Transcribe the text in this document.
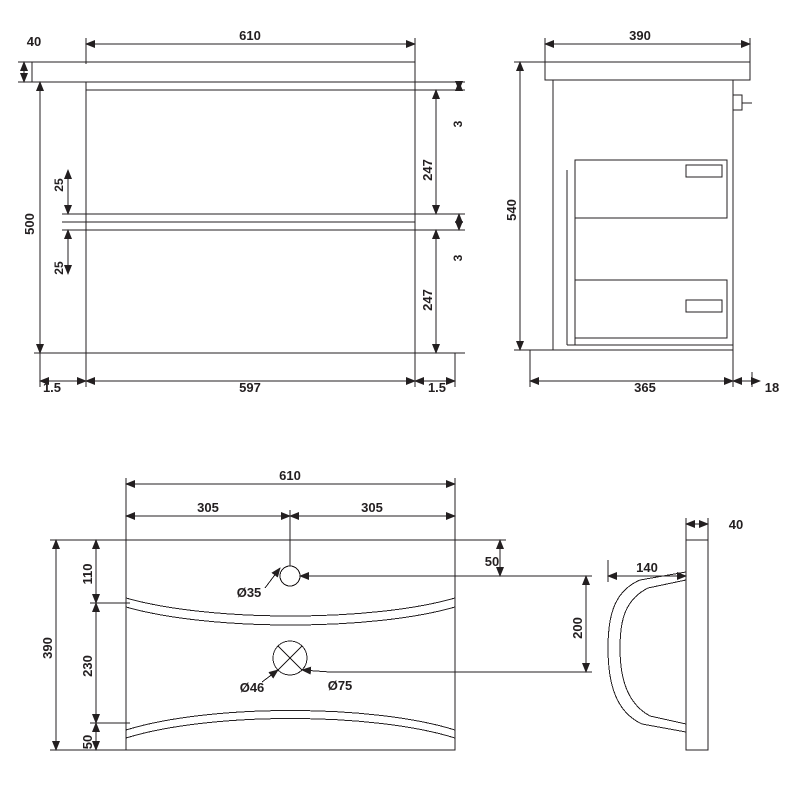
610
40
500
25
25
3
247
3
247
1.5	597	1.5
390
540
365	18
610
305	305
390
110
230
50
50
200
Ø35
Ø46	Ø75
40
140
